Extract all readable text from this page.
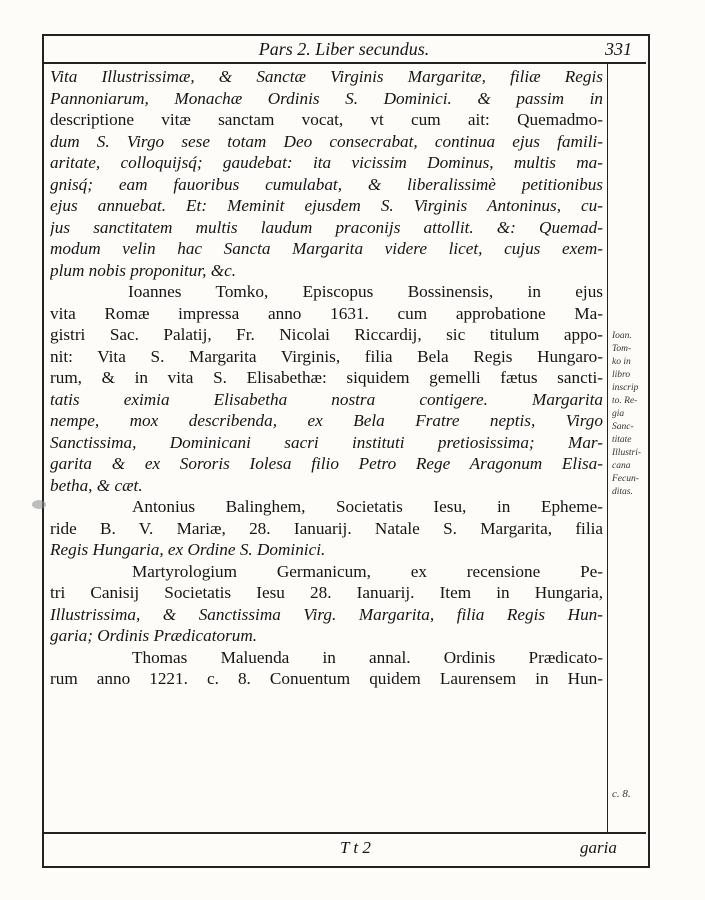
Pars 2. Liber secundus.	331
Vita Illustrissimæ, & Sanctæ Virginis Margaritæ, filiæ Regis
Pannoniarum, Monachæ Ordinis S. Dominici. & passim in
descriptione vitæ sanctam vocat, vt cum ait: Quemadmo-
dum S. Virgo sese totam Deo consecrabat, continua ejus famili-
aritate, colloquijsq́; gaudebat: ita vicissim Dominus, multis ma-
gnisq́; eam fauoribus cumulabat, & liberalissimè petitionibus
ejus annuebat. Et: Meminit ejusdem S. Virginis Antoninus, cu-
jus sanctitatem multis laudum praconijs attollit. &: Quemad-
modum velin hac Sancta Margarita videre licet, cujus exem-
plum nobis proponitur, &c.
Ioannes Tomko, Episcopus Bossinensis, in ejus
vita Romæ impressa anno 1631. cum approbatione Ma-
gistri Sac. Palatij, Fr. Nicolai Riccardij, sic titulum appo-
nit: Vita S. Margarita Virginis, filia Bela Regis Hungaro-
rum, & in vita S. Elisabethæ: siquidem gemelli fætus sancti-
tatis eximia Elisabetha nostra contigere. Margarita
nempe, mox describenda, ex Bela Fratre neptis, Virgo
Sanctissima, Dominicani sacri instituti pretiosissima; Mar-
garita & ex Sororis Iolesa filio Petro Rege Aragonum Elisa-
betha, & cæt.
Antonius Balinghem, Societatis Iesu, in Epheme-
ride B. V. Mariæ, 28. Ianuarij. Natale S. Margarita, filia
Regis Hungaria, ex Ordine S. Dominici.
Martyrologium Germanicum, ex recensione Pe-
tri Canisij Societatis Iesu 28. Ianuarij. Item in Hungaria,
Illustrissima, & Sanctissima Virg. Margarita, filia Regis Hun-
garia; Ordinis Prædicatorum.
Thomas Maluenda in annal. Ordinis Prædicato-
rum anno 1221. c. 8. Conuentum quidem Laurensem in Hun-
Ioan.
Tom-
ko in
libro
inscrip
to. Re-
gia
Sanc-
titate
Illustri-
cana
Fecun-
ditas.
c. 8.
T t 2	garia
